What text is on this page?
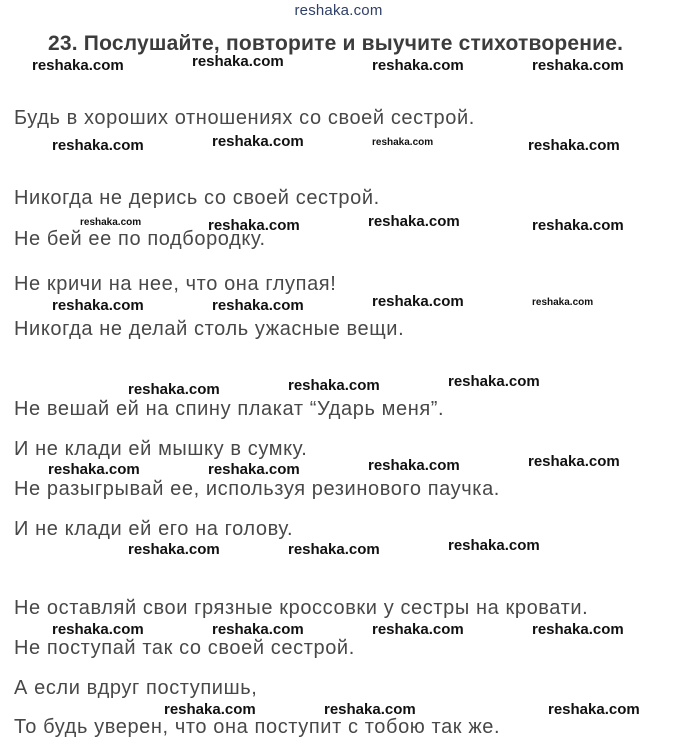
reshaka.com
23. Послушайте, повторите и выучите стихотворение.

Будь в хороших отношениях со своей сестрой.

Никогда не дерись со своей сестрой.

Не бей ее по подбородку.

Не кричи на нее, что она глупая!

Никогда не делай столь ужасные вещи.

Не вешай ей на спину плакат “Ударь меня”.

И не клади ей мышку в сумку.

Не разыгрывай ее, используя резинового паучка.

И не клади ей его на голову.

Не оставляй свои грязные кроссовки у сестры на кровати.

Не поступай так со своей сестрой.

А если вдруг поступишь,

То будь уверен, что она поступит с тобою так же.

reshaka.com	reshaka.com	reshaka.com	reshaka.com
reshaka.com	reshaka.com	reshaka.com	reshaka.com
reshaka.com	reshaka.com	reshaka.com	reshaka.com
reshaka.com	reshaka.com	reshaka.com	reshaka.com
reshaka.com	reshaka.com	reshaka.com
reshaka.com	reshaka.com	reshaka.com	reshaka.com
reshaka.com	reshaka.com	reshaka.com
reshaka.com	reshaka.com	reshaka.com	reshaka.com
reshaka.com	reshaka.com	reshaka.com
